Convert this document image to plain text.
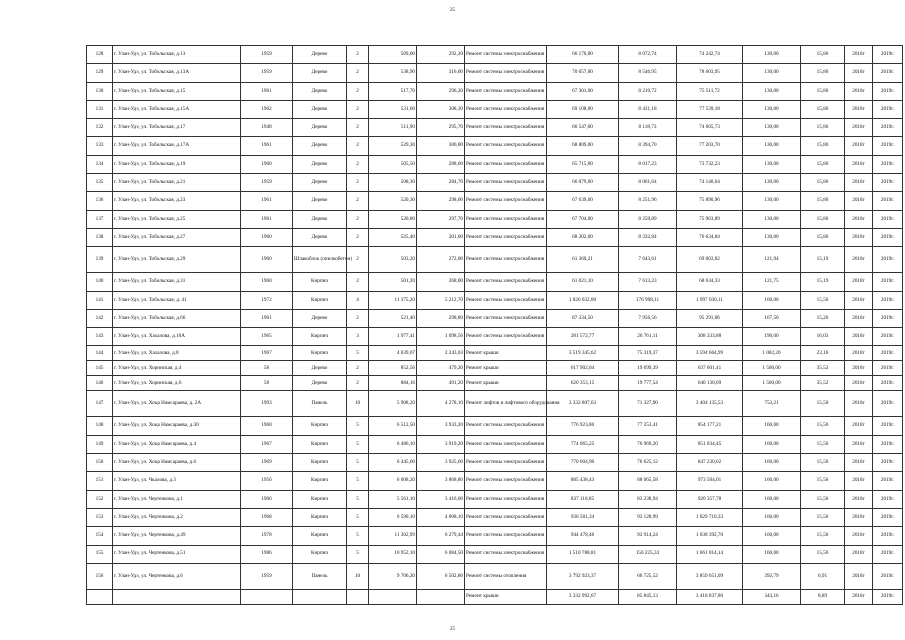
25
128	г. Улан-Удэ, ул. Тобольская, д.13	1959	Дерево	2	509,00	292,20	Ремонт системы электроснабжения	66 170,00	8 072,74	74 242,74	130,00	15,86	2018г	2019г.
129	г. Улан-Удэ, ул. Тобольская, д.13А	1959	Дерево	2	538,90	316,00	Ремонт системы электроснабжения	70 057,00	8 546,95	78 603,95	130,00	15,86	2018г	2019г.
130	г. Улан-Удэ, ул. Тобольская, д.15	1961	Дерево	2	517,70	296,20	Ремонт системы электроснабжения	67 301,00	8 210,72	75 511,72	130,00	15,86	2018г	2019г.
131	г. Улан-Удэ, ул. Тобольская, д.15А	1962	Дерево	2	531,60	308,30	Ремонт системы электроснабжения	69 108,00	8 431,18	77 539,18	130,00	15,86	2018г	2019г.
132	г. Улан-Удэ, ул. Тобольская, д.17	1948	Дерево	2	511,90	295,70	Ремонт системы электроснабжения	66 547,00	8 118,73	74 665,73	130,00	15,86	2018г	2019г.
133	г. Улан-Удэ, ул. Тобольская, д.17А	1961	Дерево	2	529,30	306,80	Ремонт системы электроснабжения	68 809,00	8 394,70	77 203,70	130,00	15,86	2018г	2019г.
134	г. Улан-Удэ, ул. Тобольская, д.19	1960	Дерево	2	505,50	288,60	Ремонт системы электроснабжения	65 715,00	8 017,23	73 732,23	130,00	15,86	2018г	2019г.
135	г. Улан-Удэ, ул. Тобольская, д.21	1959	Дерево	2	508,30	284,70	Ремонт системы электроснабжения	66 079,00	8 061,64	74 140,64	130,00	15,86	2018г	2019г.
136	г. Улан-Удэ, ул. Тобольская, д.23	1961	Дерево	2	520,30	298,00	Ремонт системы электроснабжения	67 639,00	8 251,96	75 890,96	130,00	15,86	2018г	2019г.
137	г. Улан-Удэ, ул. Тобольская, д.25	1961	Дерево	2	520,80	297,70	Ремонт системы электроснабжения	67 704,00	8 259,89	75 963,89	130,00	15,86	2018г	2019г.
138	г. Улан-Удэ, ул. Тобольская, д.27	1960	Дерево	2	525,40	301,00	Ремонт системы электроснабжения	68 302,00	8 332,84	76 634,84	130,00	15,86	2018г	2019г.
139	г. Улан-Удэ, ул. Тобольская, д.29	1960	Шлакоблок (опилкобетон)	2	503,20	273,00	Ремонт системы электроснабжения	61 360,21	7 643,61	69 003,82	121,94	15,19	2018г	2019г.
140	г. Улан-Удэ, ул. Тобольская, д.31	1960	Кирпич	2	501,20	268,00	Ремонт системы электроснабжения	61 021,10	7 613,23	68 634,33	121,75	15,19	2018г	2019г.
141	г. Улан-Удэ, ул. Тобольская, д. 41	1972	Кирпич	4	11 375,20	5 212,70	Ремонт системы электроснабжения	1 820 032,00	176 998,11	1 997 030,11	160,00	15,56	2018г	2019г.
142	г. Улан-Удэ, ул. Тобольская, д.66	1961	Дерево	2	521,40	298,80	Ремонт системы электроснабжения	87 334,50	7 956,56	95 291,06	167,50	15,26	2018г	2019г.
143	г. Улан-Удэ, ул. Хахалова, д.10А	1965	Кирпич	3	1 977,41	1 098,56	Ремонт системы электроснабжения	281 572,77	26 761,11	308 333,88	190,00	16,03	2018г	2019г.
144	г. Улан-Удэ, ул. Хахалова, д.8	1967	Кирпич	5	4 039,07	2 243,03	Ремонт крыши	3 519 345,62	75 319,37	3 594 664,99	1 082,20	23,16	2018г	2019г.
145	г. Улан-Удэ, ул. Хоринская, д.4	58	Дерево	2	852,56	479,20	Ремонт крыши	617 902,04	19 699,39	637 601,41	1 500,00	35,52	2018г	2019г.
146	г. Улан-Удэ, ул. Хоринская, д.6	58	Дерево	2	884,16	491,20	Ремонт крыши	620 353,15	19 777,54	640 130,69	1 500,00	35,52	2018г	2019г.
147	г. Улан-Удэ, ул. Хоца Намсараева, д. 2А	1993	Панель	10	5 908,20	4 278,10	Ремонт лифтов и лифтового оборудования	3 332 807,63	71 327,90	3 404 135,53	753,21	15,50	2018г	2019г.
148	г. Улан-Удэ, ул. Хоца Намсараева, д.30	1968	Кирпич	5	6 512,50	3 933,20	Ремонт системы электроснабжения	776 923,80	77 253,41	854 177,21	160,00	15,56	2018г	2019г.
149	г. Улан-Удэ, ул. Хоца Намсараева, д.4	1967	Кирпич	5	6 486,10	3 919,20	Ремонт системы электроснабжения	774 065,25	76 969,20	851 034,45	160,00	15,56	2018г	2019г.
150	г. Улан-Удэ, ул. Хоца Намсараева, д.6	1969	Кирпич	5	6 445,60	3 925,60	Ремонт системы электроснабжения	770 604,90	76 625,12	847 230,02	160,00	15,56	2018г	2019г.
151	г. Улан-Удэ, ул. Чкалова, д.3	1956	Кирпич	5	6 008,20	3 868,80	Ремонт системы электроснабжения	885 438,43	88 065,58	973 504,01	160,00	15,56	2018г	2019г.
152	г. Улан-Удэ, ул. Чертенкова, д.1	1966	Кирпич	5	5 561,10	3 416,00	Ремонт системы электроснабжения	837 118,85	83 238,94	920 357,78	160,00	15,56	2018г	2019г.
153	г. Улан-Удэ, ул. Чертенкова, д.2	1968	Кирпич	5	6 590,10	4 008,10	Ремонт системы электроснабжения	936 581,34	93 128,99	1 029 710,33	160,00	15,56	2018г	2019г.
154	г. Улан-Удэ, ул. Чертенкова, д.49	1978	Кирпич	5	11 302,99	6 279,44	Ремонт системы электроснабжения	944 478,46	93 914,24	1 038 392,70	160,00	15,56	2018г	2019г.
155	г. Улан-Удэ, ул. Чертенкова, д.51	1986	Кирпич	5	10 952,10	6 084,50	Ремонт системы электроснабжения	1 510 788,81	150 225,33	1 661 014,14	160,00	15,56	2018г	2019г.
156	г. Улан-Удэ, ул. Чертенкова, д.6	1959	Панель	10	9 706,20	6 502,80	Ремонт системы отопления	3 792 923,37	66 725,52	3 859 651,09	392,79	6,91	2018г	2019г.
							Ремонт крыши	3 332 992,67	85 845,13	3 418 837,80	343,16	8,89	2018г	2019г.
25
